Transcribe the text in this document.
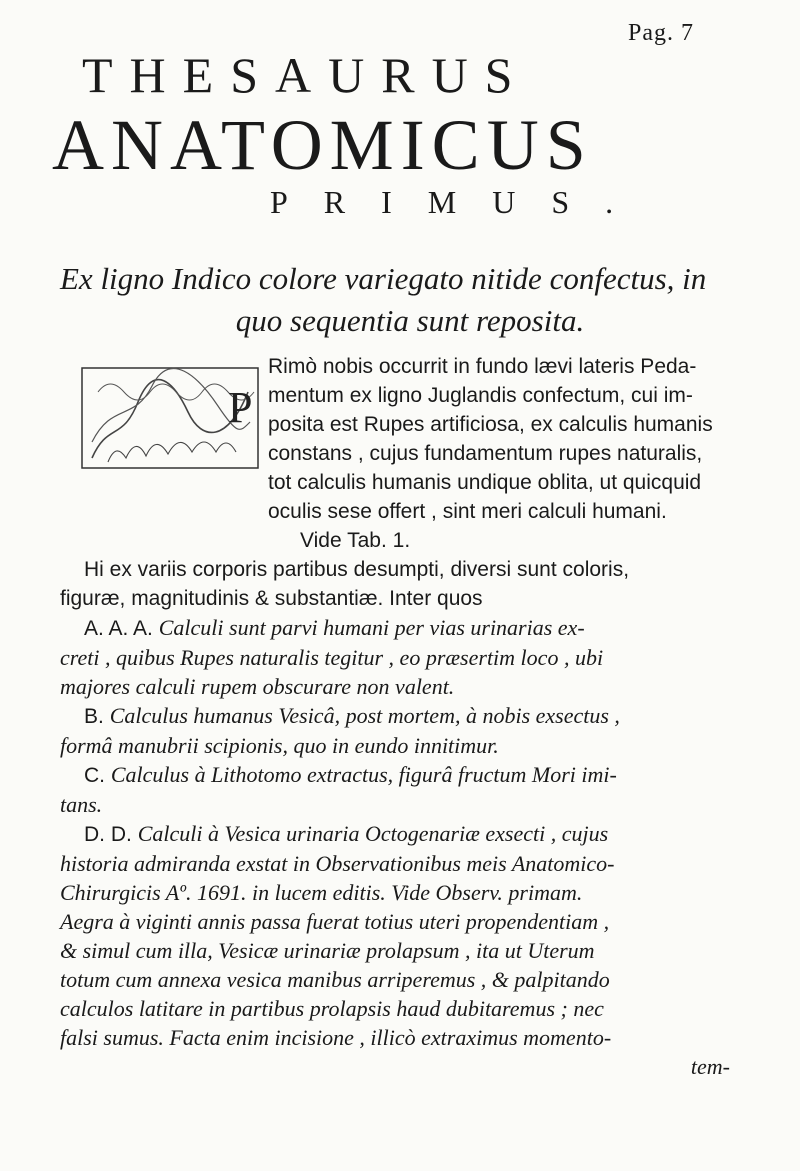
Pag. 7
THESAURUS
ANATOMICUS
PRIMUS.
Ex ligno Indico colore variegato nitide confectus, in
quo sequentia sunt reposita.
P
Rimò nobis occurrit in fundo lævi lateris Peda-
mentum ex ligno Juglandis confectum, cui im-
posita est Rupes artificiosa, ex calculis humanis
constans , cujus fundamentum rupes naturalis,
tot calculis humanis undique oblita, ut quicquid
oculis sese offert , sint meri calculi humani.
Vide Tab. 1.
Hi ex variis corporis partibus desumpti, diversi sunt coloris,
figuræ, magnitudinis & substantiæ. Inter quos
A. A. A. Calculi sunt parvi humani per vias urinarias ex-
creti , quibus Rupes naturalis tegitur , eo præsertim loco , ubi
majores calculi rupem obscurare non valent.
B. Calculus humanus Vesicâ, post mortem, à nobis exsectus ,
formâ manubrii scipionis, quo in eundo innitimur.
C. Calculus à Lithotomo extractus, figurâ fructum Mori imi-
tans.
D. D. Calculi à Vesica urinaria Octogenariæ exsecti , cujus
historia admiranda exstat in Observationibus meis Anatomico-
Chirurgicis Aº. 1691. in lucem editis. Vide Observ. primam.
Aegra à viginti annis passa fuerat totius uteri propendentiam ,
& simul cum illa, Vesicæ urinariæ prolapsum , ita ut Uterum
totum cum annexa vesica manibus arriperemus , & palpitando
calculos latitare in partibus prolapsis haud dubitaremus ; nec
falsi sumus. Facta enim incisione , illicò extraximus momento-
tem-
